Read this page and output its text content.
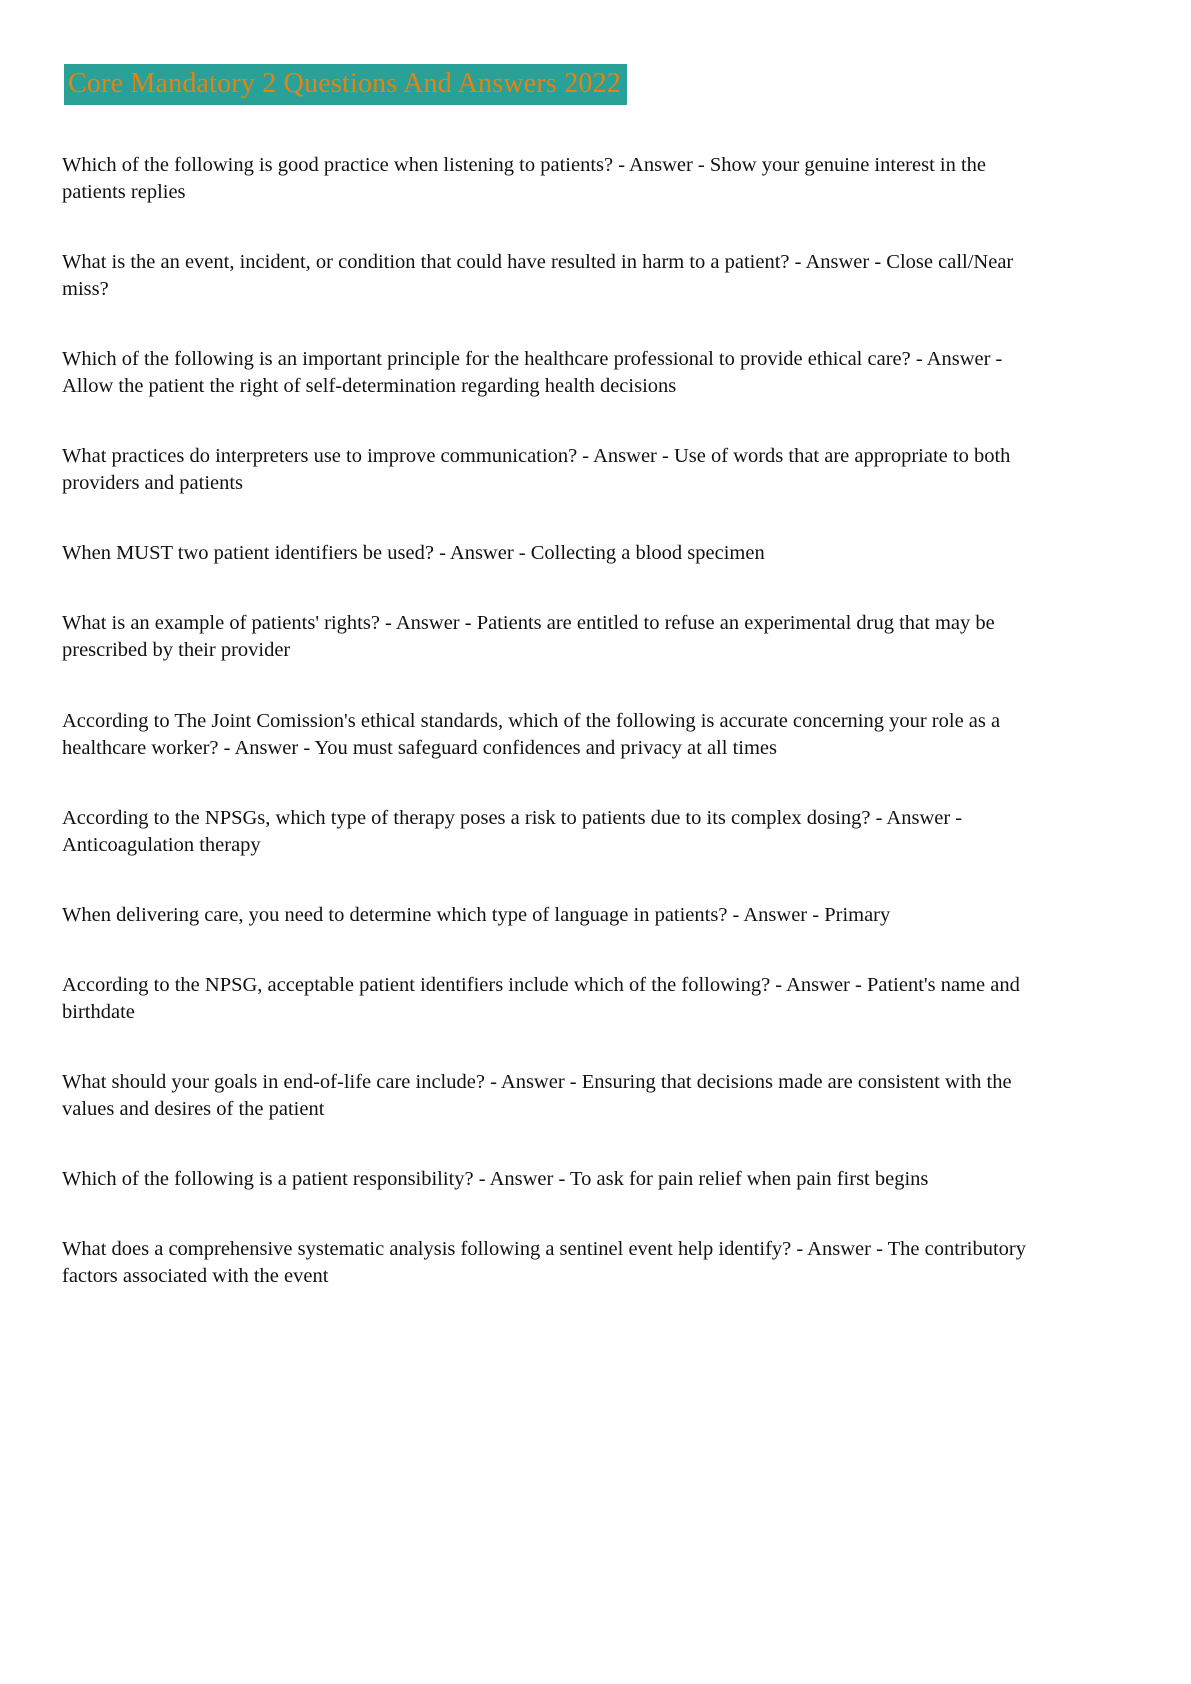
Core Mandatory 2 Questions And Answers 2022

Which of the following is good practice when listening to patients? - Answer - Show your genuine interest in the patients replies

What is the an event, incident, or condition that could have resulted in harm to a patient? - Answer - Close call/Near miss?

Which of the following is an important principle for the healthcare professional to provide ethical care? - Answer - Allow the patient the right of self-determination regarding health decisions

What practices do interpreters use to improve communication? - Answer - Use of words that are appropriate to both providers and patients

When MUST two patient identifiers be used? - Answer - Collecting a blood specimen

What is an example of patients' rights? - Answer - Patients are entitled to refuse an experimental drug that may be prescribed by their provider

According to The Joint Comission's ethical standards, which of the following is accurate concerning your role as a healthcare worker? - Answer - You must safeguard confidences and privacy at all times

According to the NPSGs, which type of therapy poses a risk to patients due to its complex dosing? - Answer - Anticoagulation therapy

When delivering care, you need to determine which type of language in patients? - Answer - Primary

According to the NPSG, acceptable patient identifiers include which of the following? - Answer - Patient's name and birthdate

What should your goals in end-of-life care include? - Answer - Ensuring that decisions made are consistent with the values and desires of the patient

Which of the following is a patient responsibility? - Answer - To ask for pain relief when pain first begins

What does a comprehensive systematic analysis following a sentinel event help identify? - Answer - The contributory factors associated with the event
